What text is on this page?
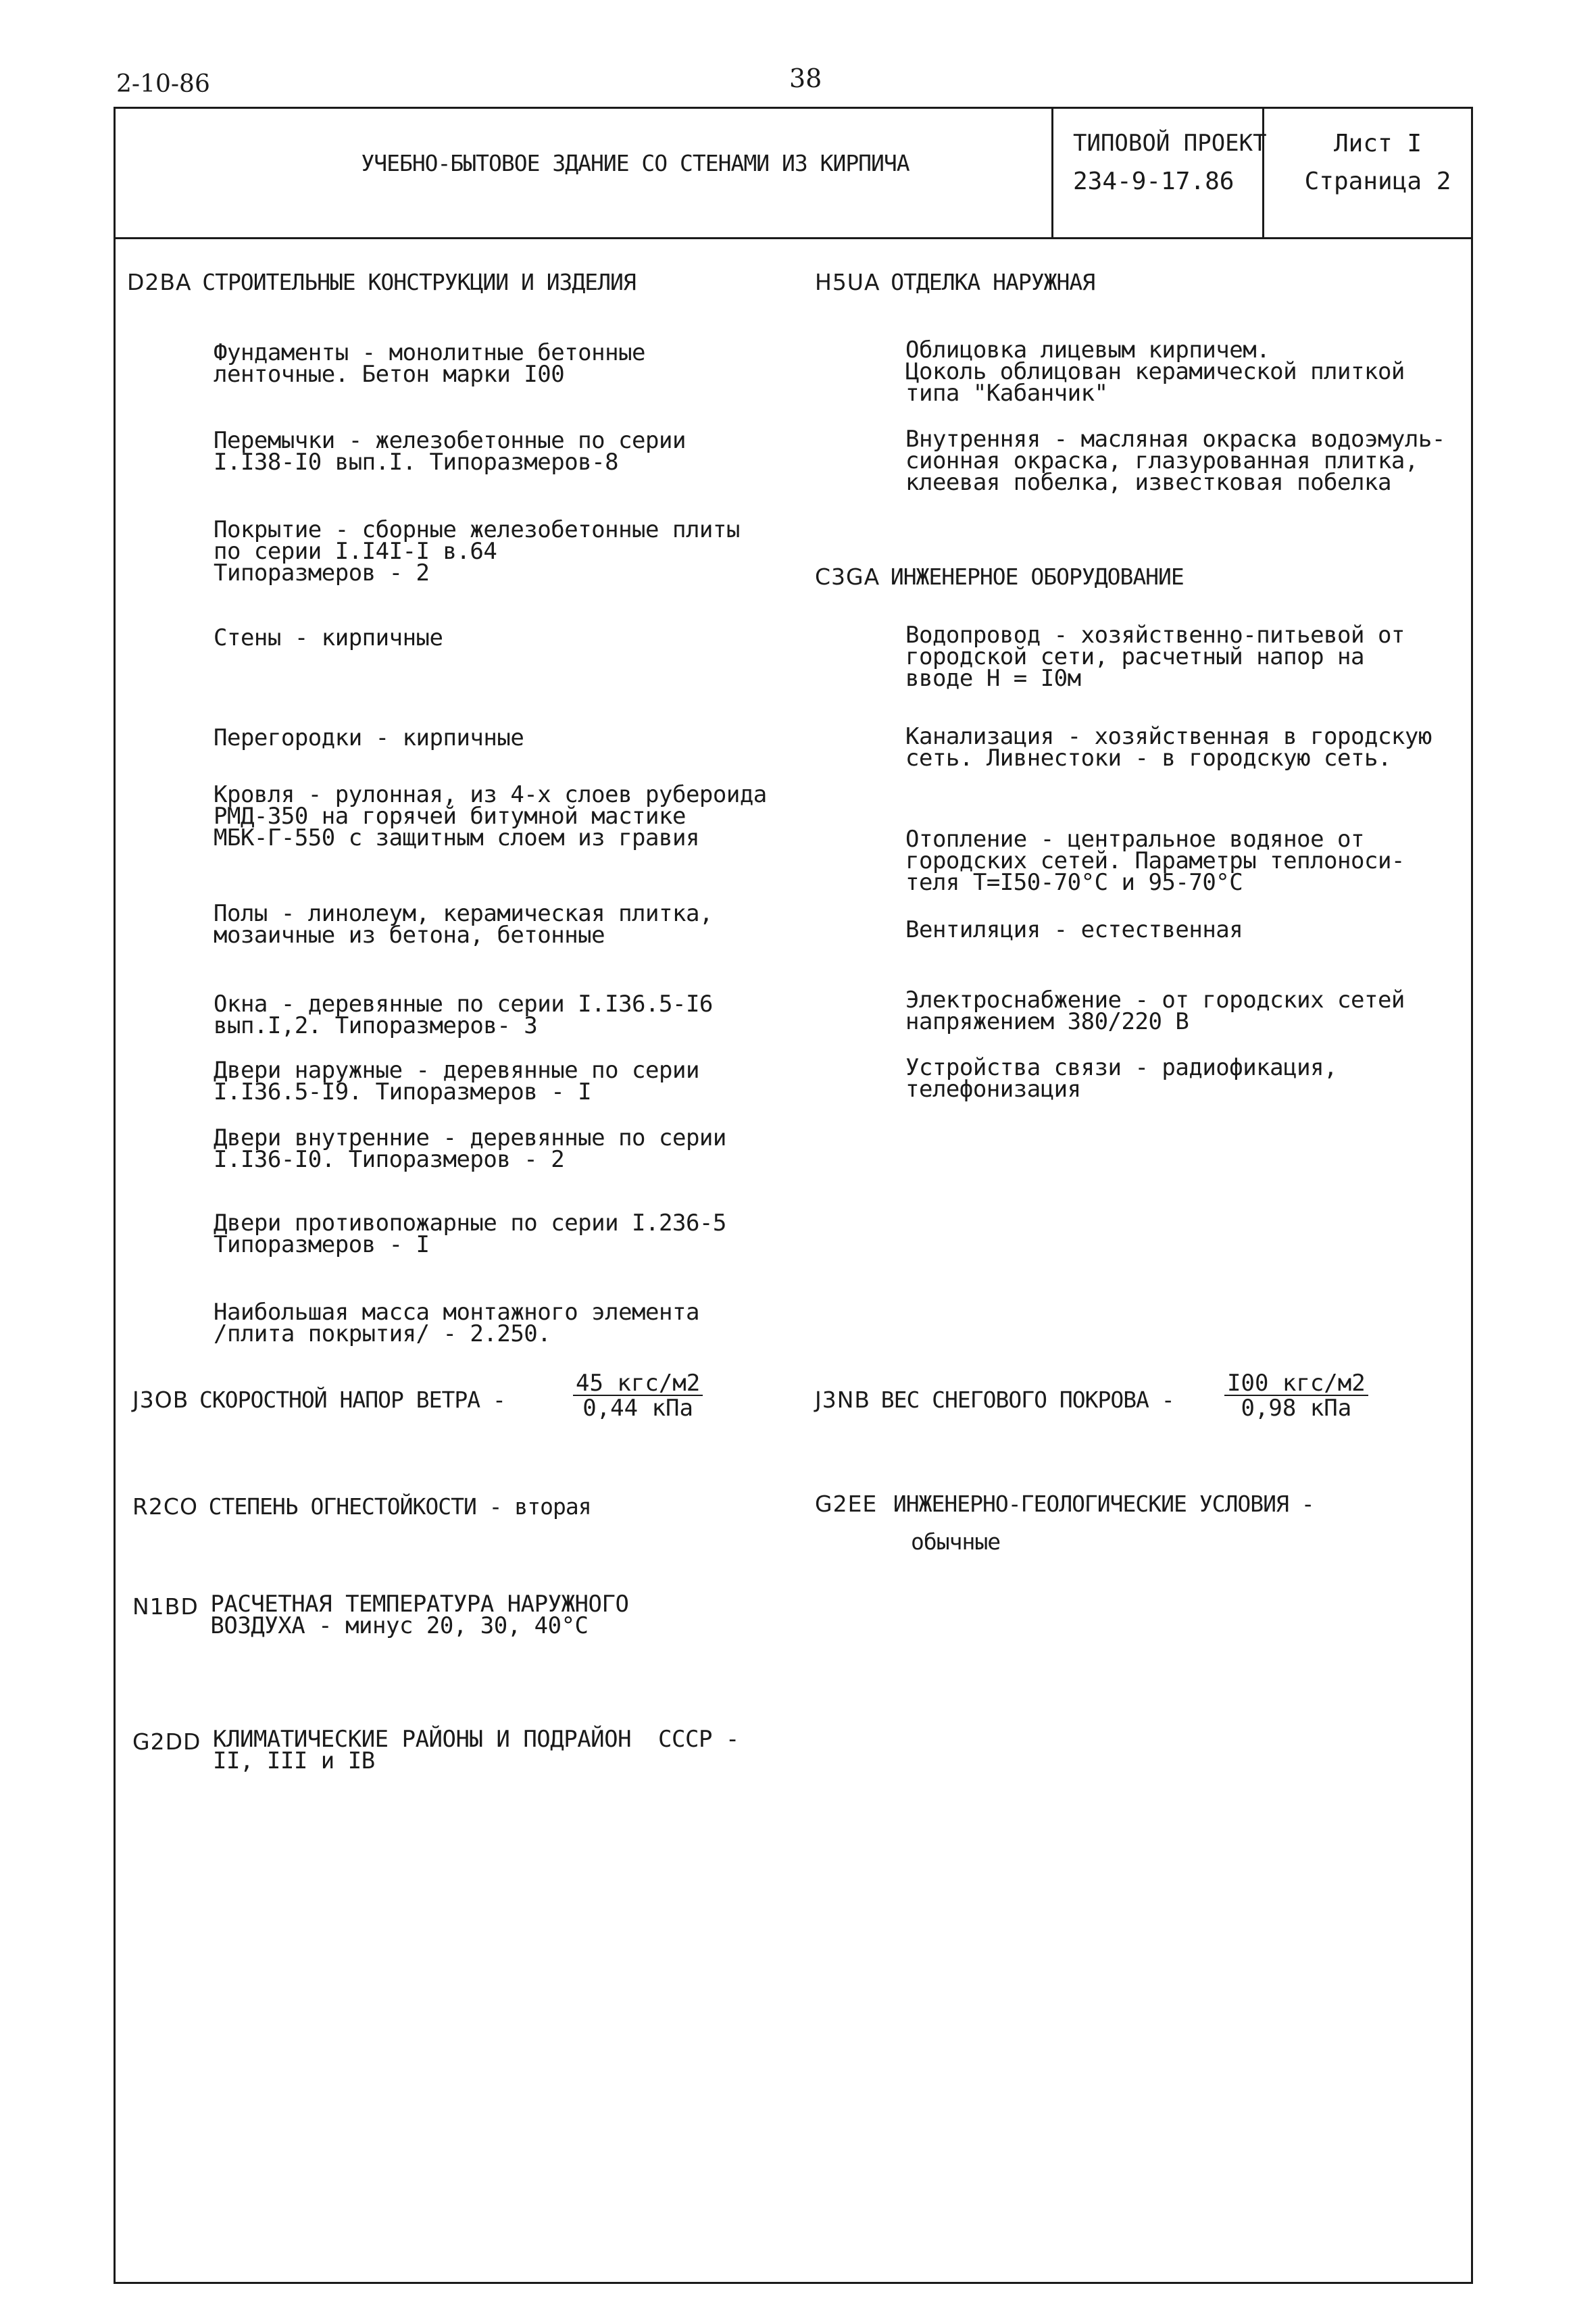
2-10-86	38
УЧЕБНО-БЫТОВОЕ ЗДАНИЕ СО СТЕНАМИ ИЗ КИРПИЧА
ТИПОВОЙ ПРОЕКТ
234-9-17.86
Лист I
Страница 2
D2BA СТРОИТЕЛЬНЫЕ КОНСТРУКЦИИ И ИЗДЕЛИЯ
Фундаменты - монолитные бетонные
ленточные. Бетон марки I00
Перемычки - железобетонные по серии
I.I38-I0 вып.I. Типоразмеров-8
Покрытие - сборные железобетонные плиты
по серии I.I4I-I в.64
Типоразмеров - 2
Стены - кирпичные
Перегородки - кирпичные
Кровля - рулонная, из 4-х слоев рубероида
РМД-350 на горячей битумной мастике
МБК-Г-550 с защитным слоем из гравия
Полы - линолеум, керамическая плитка,
мозаичные из бетона, бетонные
Окна - деревянные по серии I.I36.5-I6
вып.I,2. Типоразмеров- 3
Двери наружные - деревянные по серии
I.I36.5-I9. Типоразмеров - I
Двери внутренние - деревянные по серии
I.I36-I0. Типоразмеров - 2
Двери противопожарные по серии I.236-5
Типоразмеров - I
Наибольшая масса монтажного элемента
/плита покрытия/ - 2.250.
J3OB СКОРОСТНОЙ НАПОР ВЕТРА -
45 кгс/м2
0,44 кПа
R2CO СТЕПЕНЬ ОГНЕСТОЙКОСТИ - вторая
N1BD РАСЧЕТНАЯ ТЕМПЕРАТУРА НАРУЖНОГО
ВОЗДУХА - минус 20, 30, 40°С
G2DD КЛИМАТИЧЕСКИЕ РАЙОНЫ И ПОДРАЙОН  СССР -
II, III и IВ
H5UA ОТДЕЛКА НАРУЖНАЯ
Облицовка лицевым кирпичем.
Цоколь облицован керамической плиткой
типа "Кабанчик"
Внутренняя - масляная окраска водоэмуль-
сионная окраска, глазурованная плитка,
клеевая побелка, известковая побелка
C3GA ИНЖЕНЕРНОЕ ОБОРУДОВАНИЕ
Водопровод - хозяйственно-питьевой от
городской сети, расчетный напор на
вводе Н = I0м
Канализация - хозяйственная в городскую
сеть. Ливнестоки - в городскую сеть.
Отопление - центральное водяное от
городских сетей. Параметры теплоноси-
теля Т=I50-70°С и 95-70°С
Вентиляция - естественная
Электроснабжение - от городских сетей
напряжением 380/220 В
Устройства связи - радиофикация,
телефонизация
J3NB ВЕС СНЕГОВОГО ПОКРОВА -
I00 кгс/м2
0,98 кПа
G2EE ИНЖЕНЕРНО-ГЕОЛОГИЧЕСКИЕ УСЛОВИЯ -
обычные
